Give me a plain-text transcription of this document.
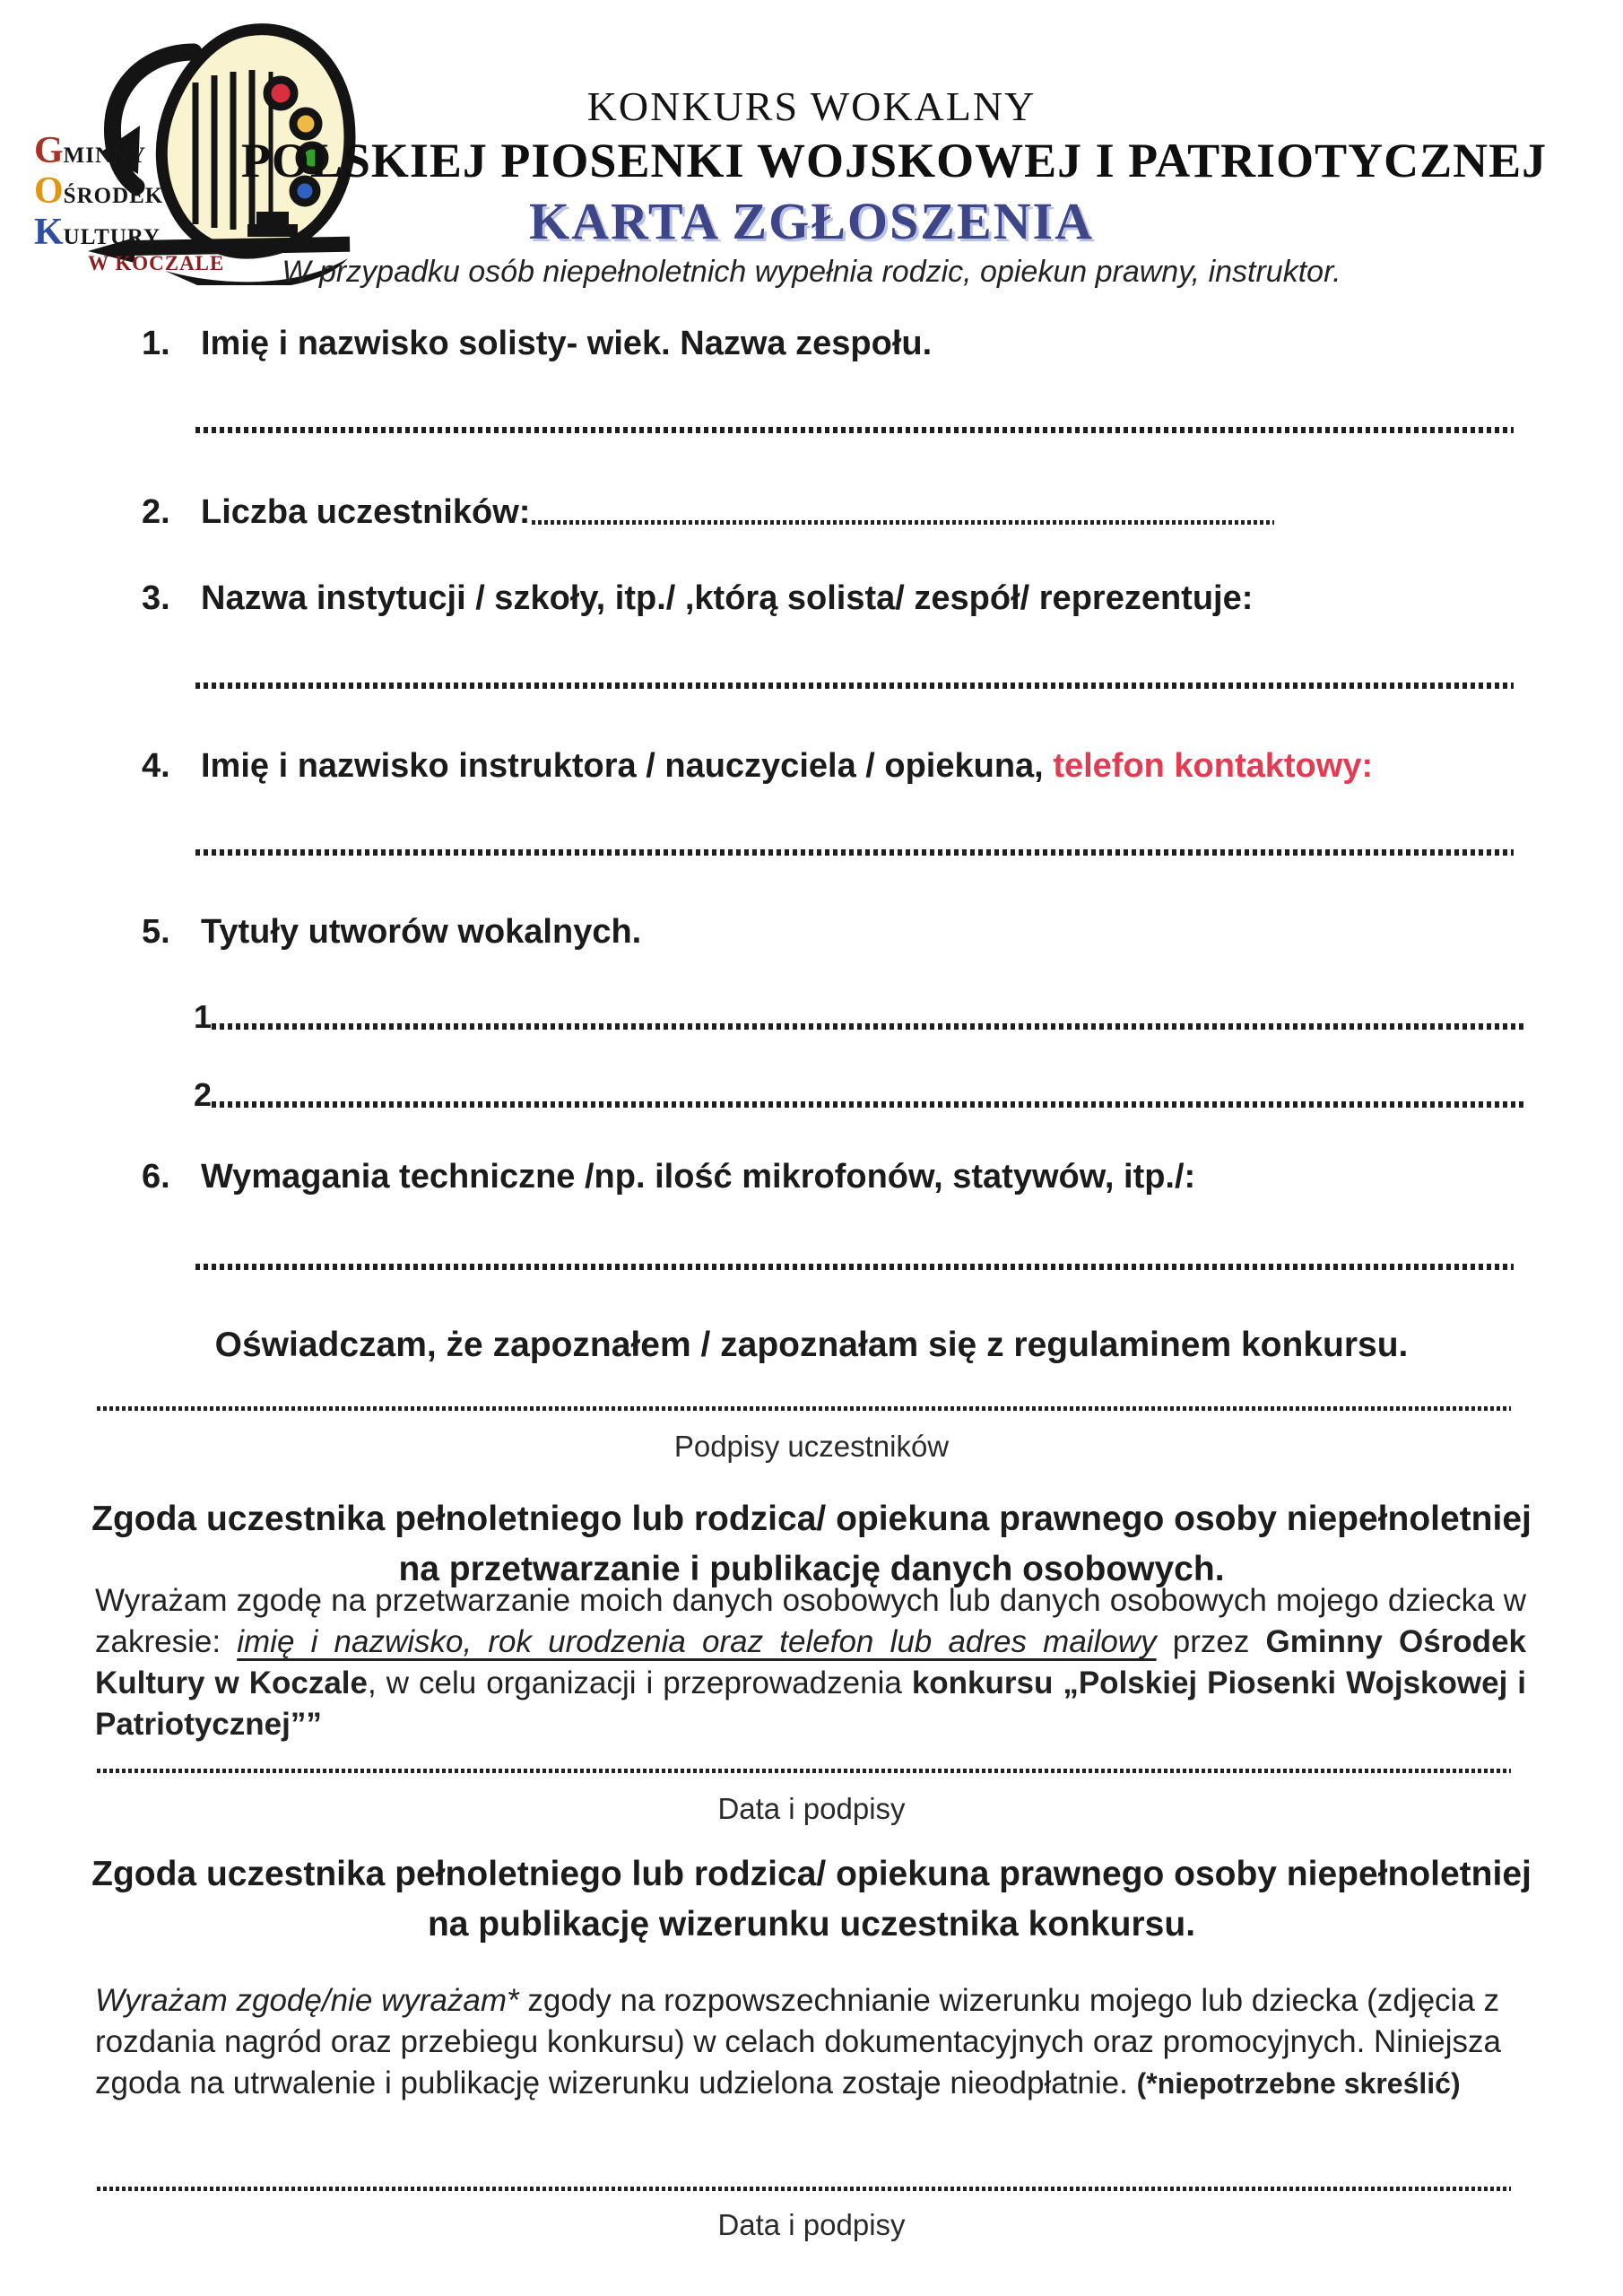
GMINNY
OŚRODEK
KULTURY
W KOCZALE
KONKURS WOKALNY
POLSKIEJ PIOSENKI WOJSKOWEJ I PATRIOTYCZNEJ
KARTA ZGŁOSZENIA
W przypadku osób niepełnoletnich wypełnia rodzic, opiekun prawny, instruktor.
1. Imię i nazwisko solisty- wiek. Nazwa zespołu.
2. Liczba uczestników:
3. Nazwa instytucji / szkoły, itp./ ,którą solista/ zespół/ reprezentuje:
4. Imię i nazwisko instruktora / nauczyciela / opiekuna, telefon kontaktowy:
5. Tytuły utworów wokalnych.
1
2
6. Wymagania techniczne /np. ilość mikrofonów, statywów, itp./:
Oświadczam, że zapoznałem / zapoznałam się z regulaminem konkursu.
Podpisy uczestników
Zgoda uczestnika pełnoletniego lub rodzica/ opiekuna prawnego osoby niepełnoletniej
na przetwarzanie i publikację danych osobowych.

Wyrażam zgodę na przetwarzanie moich danych osobowych lub danych osobowych mojego dziecka w zakresie: imię i nazwisko, rok urodzenia oraz telefon lub adres mailowy przez Gminny Ośrodek Kultury w Koczale, w celu organizacji i przeprowadzenia konkursu „Polskiej Piosenki Wojskowej i Patriotycznej””

Data i podpisy
Zgoda uczestnika pełnoletniego lub rodzica/ opiekuna prawnego osoby niepełnoletniej
na publikację wizerunku uczestnika konkursu.

Wyrażam zgodę/nie wyrażam* zgody na rozpowszechnianie wizerunku mojego lub dziecka (zdjęcia z rozdania nagród oraz przebiegu konkursu) w celach dokumentacyjnych oraz promocyjnych. Niniejsza zgoda na utrwalenie i publikację wizerunku udzielona zostaje nieodpłatnie. (*niepotrzebne skreślić)

Data i podpisy
